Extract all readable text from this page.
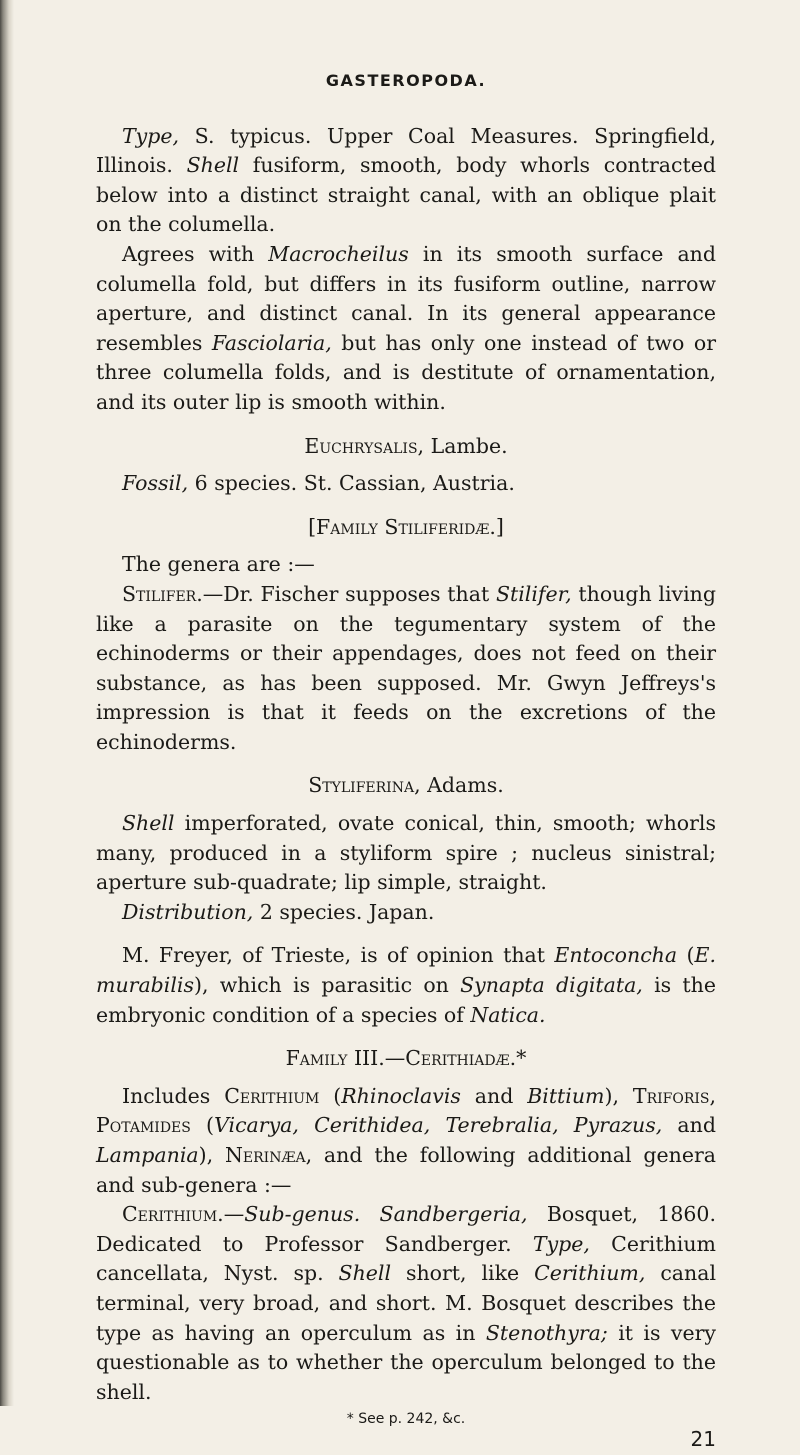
GASTEROPODA.

Type, S. typicus. Upper Coal Measures. Springfield, Illinois. Shell fusiform, smooth, body whorls contracted below into a distinct straight canal, with an oblique plait on the columella.

Agrees with Macrocheilus in its smooth surface and columella fold, but differs in its fusiform outline, narrow aperture, and distinct canal. In its general appearance resembles Fasciolaria, but has only one instead of two or three columella folds, and is destitute of ornamentation, and its outer lip is smooth within.

Euchrysalis, Lambe.

Fossil, 6 species. St. Cassian, Austria.

[Family Stiliferidæ.]

The genera are :—

Stilifer.—Dr. Fischer supposes that Stilifer, though living like a parasite on the tegumentary system of the echinoderms or their appendages, does not feed on their substance, as has been supposed. Mr. Gwyn Jeffreys's impression is that it feeds on the excretions of the echinoderms.

Styliferina, Adams.

Shell imperforated, ovate conical, thin, smooth; whorls many, produced in a styliform spire ; nucleus sinistral; aperture sub-quadrate; lip simple, straight.

Distribution, 2 species. Japan.

M. Freyer, of Trieste, is of opinion that Entoconcha (E. murabilis), which is parasitic on Synapta digitata, is the embryonic condition of a species of Natica.

Family III.—Cerithiadæ.*

Includes Cerithium (Rhinoclavis and Bittium), Triforis, Potamides (Vicarya, Cerithidea, Terebralia, Pyrazus, and Lampania), Nerinæa, and the following additional genera and sub-genera :—

Cerithium.—Sub-genus. Sandbergeria, Bosquet, 1860. Dedicated to Professor Sandberger. Type, Cerithium cancellata, Nyst. sp. Shell short, like Cerithium, canal terminal, very broad, and short. M. Bosquet describes the type as having an operculum as in Stenothyra; it is very questionable as to whether the operculum belonged to the shell.

* See p. 242, &c.
21
